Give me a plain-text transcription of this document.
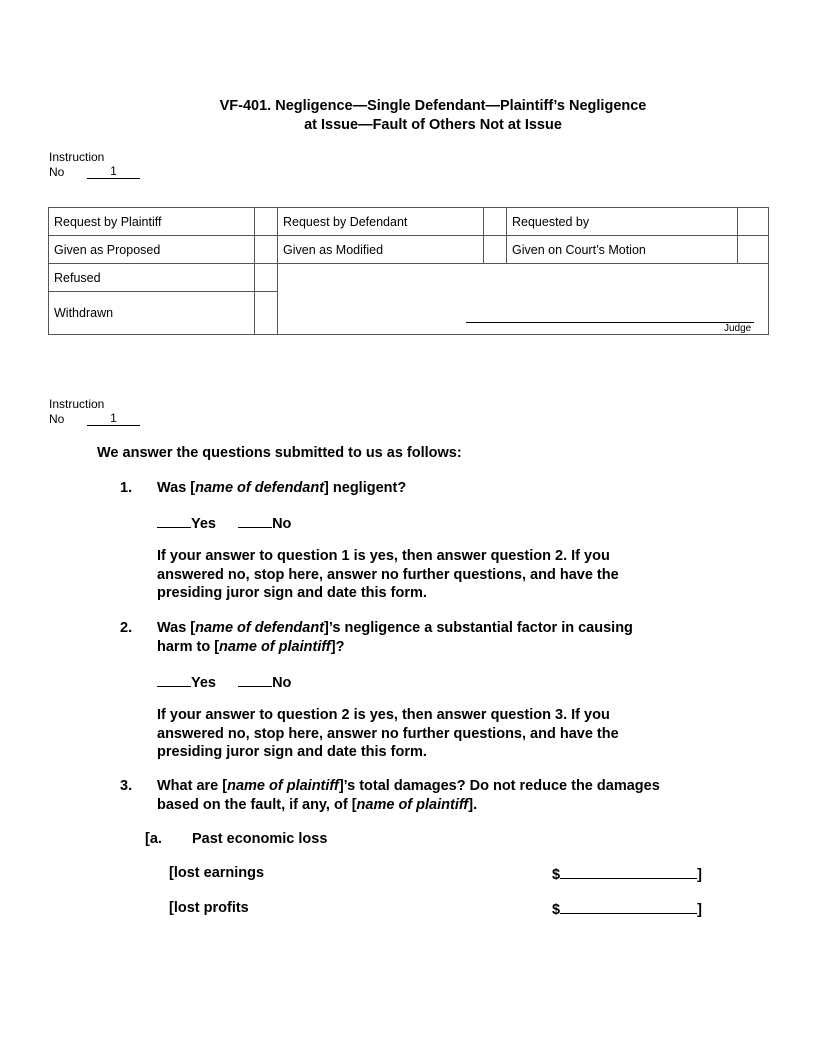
VF-401. Negligence—Single Defendant—Plaintiff’s Negligence
at Issue—Fault of Others Not at Issue
Instruction
No	1
Request by Plaintiff		Request by Defendant		Requested by	
Given as Proposed		Given as Modified		Given on Court’s Motion	
Refused					
Withdrawn					
Judge
Instruction
No	1
We answer the questions submitted to us as follows:
1. Was [name of defendant] negligent?
Yes	No
If your answer to question 1 is yes, then answer question 2. If you
answered no, stop here, answer no further questions, and have the
presiding juror sign and date this form.
2. Was [name of defendant]’s negligence a substantial factor in causing
harm to [name of plaintiff]?
Yes	No
If your answer to question 2 is yes, then answer question 3. If you
answered no, stop here, answer no further questions, and have the
presiding juror sign and date this form.
3. What are [name of plaintiff]’s total damages? Do not reduce the damages
based on the fault, if any, of [name of plaintiff].
[a. Past economic loss
[lost earnings	$	]
[lost profits	$	]
